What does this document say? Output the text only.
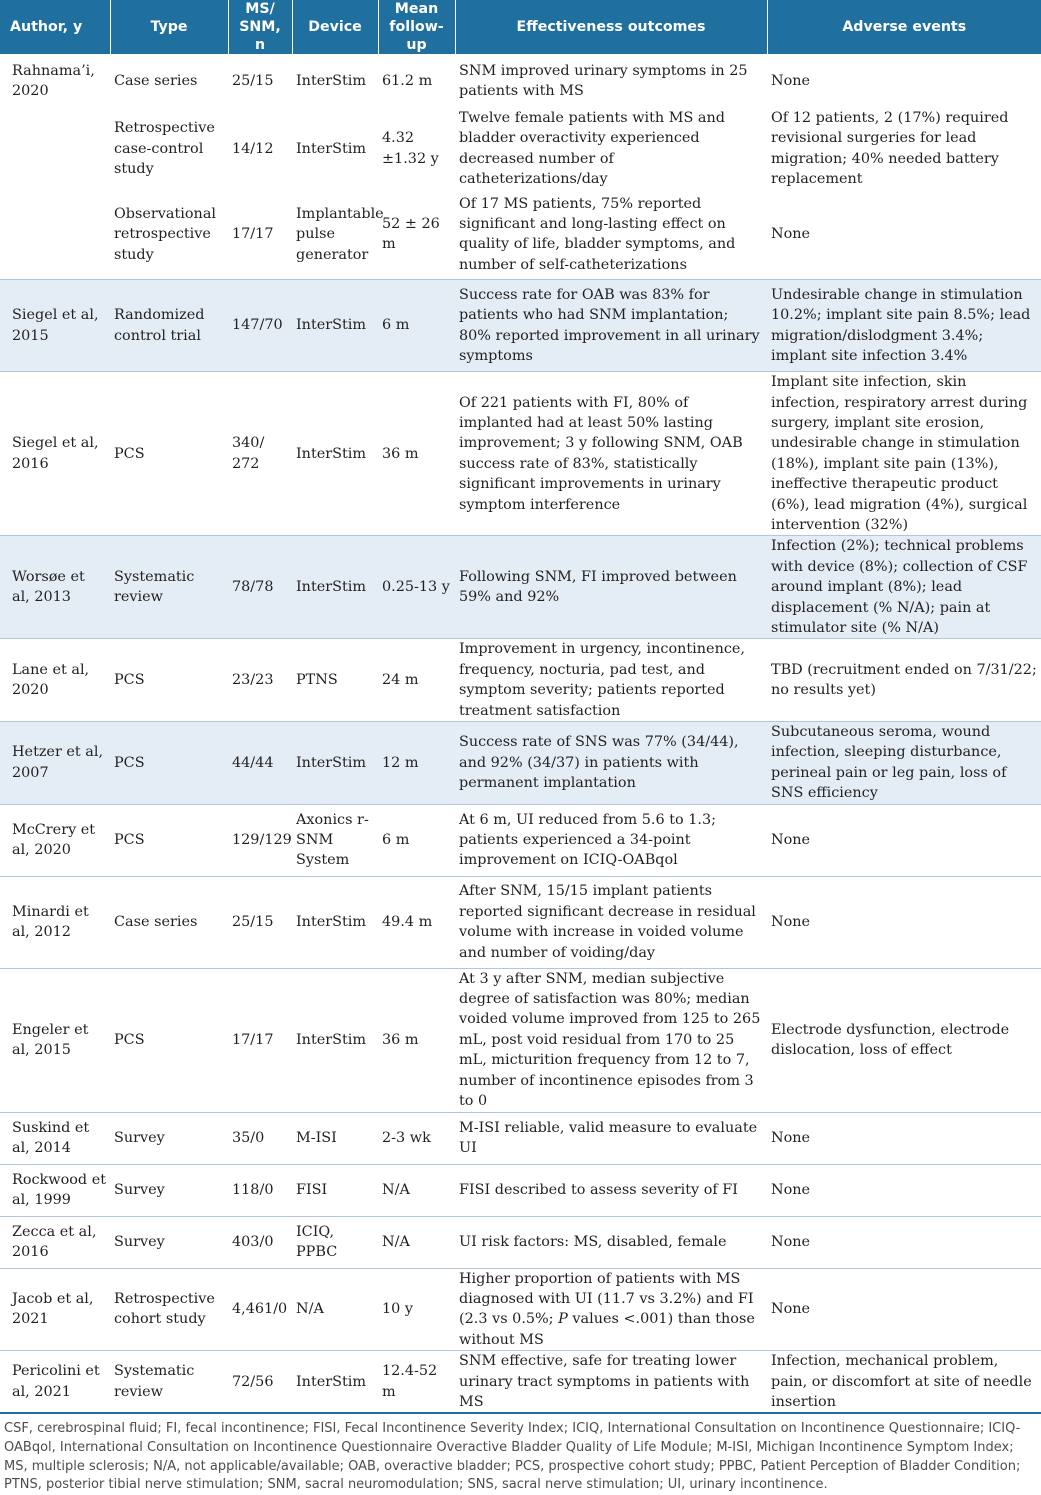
Author, y	Type	MS/ SNM, n	Device	Mean follow-up	Effectiveness outcomes	Adverse events
Rahnama’i, 2020	Case series	25/15	InterStim	61.2 m	SNM improved urinary symptoms in 25 patients with MS	None
	Retrospective case-control study	14/12	InterStim	4.32 ±1.32 y	Twelve female patients with MS and bladder overactivity experienced decreased number of catheterizations/day	Of 12 patients, 2 (17%) required revisional surgeries for lead migration; 40% needed battery replacement
	Observational retrospective study	17/17	Implantable pulse generator	52 ± 26 m	Of 17 MS patients, 75% reported significant and long-lasting effect on quality of life, bladder symptoms, and number of self-catheterizations	None
Siegel et al, 2015	Randomized control trial	147/70	InterStim	6 m	Success rate for OAB was 83% for patients who had SNM implantation; 80% reported improvement in all urinary symptoms	Undesirable change in stimulation 10.2%; implant site pain 8.5%; lead migration/dislodgment 3.4%; implant site infection 3.4%
Siegel et al, 2016	PCS	340/ 272	InterStim	36 m	Of 221 patients with FI, 80% of implanted had at least 50% lasting improvement; 3 y following SNM, OAB success rate of 83%, statistically significant improvements in urinary symptom interference	Implant site infection, skin infection, respiratory arrest during surgery, implant site erosion, undesirable change in stimulation (18%), implant site pain (13%), ineffective therapeutic product (6%), lead migration (4%), surgical intervention (32%)
Worsøe et al, 2013	Systematic review	78/78	InterStim	0.25-13 y	Following SNM, FI improved between 59% and 92%	Infection (2%); technical problems with device (8%); collection of CSF around implant (8%); lead displacement (% N/A); pain at stimulator site (% N/A)
Lane et al, 2020	PCS	23/23	PTNS	24 m	Improvement in urgency, incontinence, frequency, nocturia, pad test, and symptom severity; patients reported treatment satisfaction	TBD (recruitment ended on 7/31/22; no results yet)
Hetzer et al, 2007	PCS	44/44	InterStim	12 m	Success rate of SNS was 77% (34/44), and 92% (34/37) in patients with permanent implantation	Subcutaneous seroma, wound infection, sleeping disturbance, perineal pain or leg pain, loss of SNS efficiency
McCrery et al, 2020	PCS	129/129	Axonics r-SNM System	6 m	At 6 m, UI reduced from 5.6 to 1.3; patients experienced a 34-point improvement on ICIQ-OABqol	None
Minardi et al, 2012	Case series	25/15	InterStim	49.4 m	After SNM, 15/15 implant patients reported significant decrease in residual volume with increase in voided volume and number of voiding/day	None
Engeler et al, 2015	PCS	17/17	InterStim	36 m	At 3 y after SNM, median subjective degree of satisfaction was 80%; median voided volume improved from 125 to 265 mL, post void residual from 170 to 25 mL, micturition frequency from 12 to 7, number of incontinence episodes from 3 to 0	Electrode dysfunction, electrode dislocation, loss of effect
Suskind et al, 2014	Survey	35/0	M-ISI	2-3 wk	M-ISI reliable, valid measure to evaluate UI	None
Rockwood et al, 1999	Survey	118/0	FISI	N/A	FISI described to assess severity of FI	None
Zecca et al, 2016	Survey	403/0	ICIQ, PPBC	N/A	UI risk factors: MS, disabled, female	None
Jacob et al, 2021	Retrospective cohort study	4,461/0	N/A	10 y	Higher proportion of patients with MS diagnosed with UI (11.7 vs 3.2%) and FI (2.3 vs 0.5%; P values <.001) than those without MS	None
Pericolini et al, 2021	Systematic review	72/56	InterStim	12.4-52 m	SNM effective, safe for treating lower urinary tract symptoms in patients with MS	Infection, mechanical problem, pain, or discomfort at site of needle insertion
CSF, cerebrospinal fluid; FI, fecal incontinence; FISI, Fecal Incontinence Severity Index; ICIQ, International Consultation on Incontinence Questionnaire; ICIQ-OABqol, International Consultation on Incontinence Questionnaire Overactive Bladder Quality of Life Module; M-ISI, Michigan Incontinence Symptom Index; MS, multiple sclerosis; N/A, not applicable/available; OAB, overactive bladder; PCS, prospective cohort study; PPBC, Patient Perception of Bladder Condition; PTNS, posterior tibial nerve stimulation; SNM, sacral neuromodulation; SNS, sacral nerve stimulation; UI, urinary incontinence.
